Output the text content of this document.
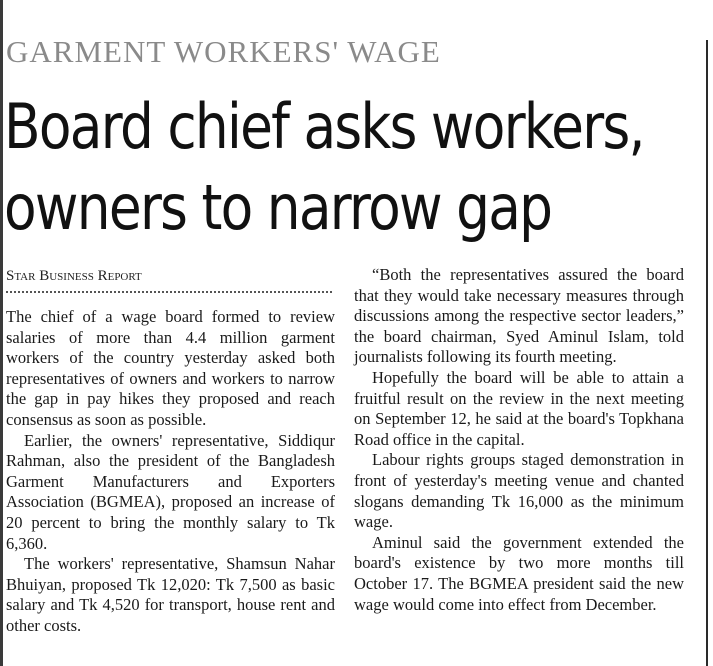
GARMENT WORKERS' WAGE
Board chief asks workers,
owners to narrow gap
Star Business Report

The chief of a wage board formed to review salaries of more than 4.4 million garment workers of the country yesterday asked both representatives of owners and workers to narrow the gap in pay hikes they proposed and reach consensus as soon as possible.

Earlier, the owners' representative, Siddiqur Rahman, also the president of the Bangladesh Garment Manufacturers and Exporters Association (BGMEA), proposed an increase of 20 percent to bring the monthly salary to Tk 6,360.

The workers' representative, Shamsun Nahar Bhuiyan, proposed Tk 12,020: Tk 7,500 as basic salary and Tk 4,520 for transport, house rent and other costs.

“Both the representatives assured the board that they would take necessary measures through discussions among the respective sector leaders,” the board chairman, Syed Aminul Islam, told journalists following its fourth meeting.

Hopefully the board will be able to attain a fruitful result on the review in the next meeting on September 12, he said at the board's Topkhana Road office in the capital.

Labour rights groups staged demonstration in front of yesterday's meeting venue and chanted slogans demanding Tk 16,000 as the minimum wage.

Aminul said the government extended the board's existence by two more months till October 17. The BGMEA president said the new wage would come into effect from December.
